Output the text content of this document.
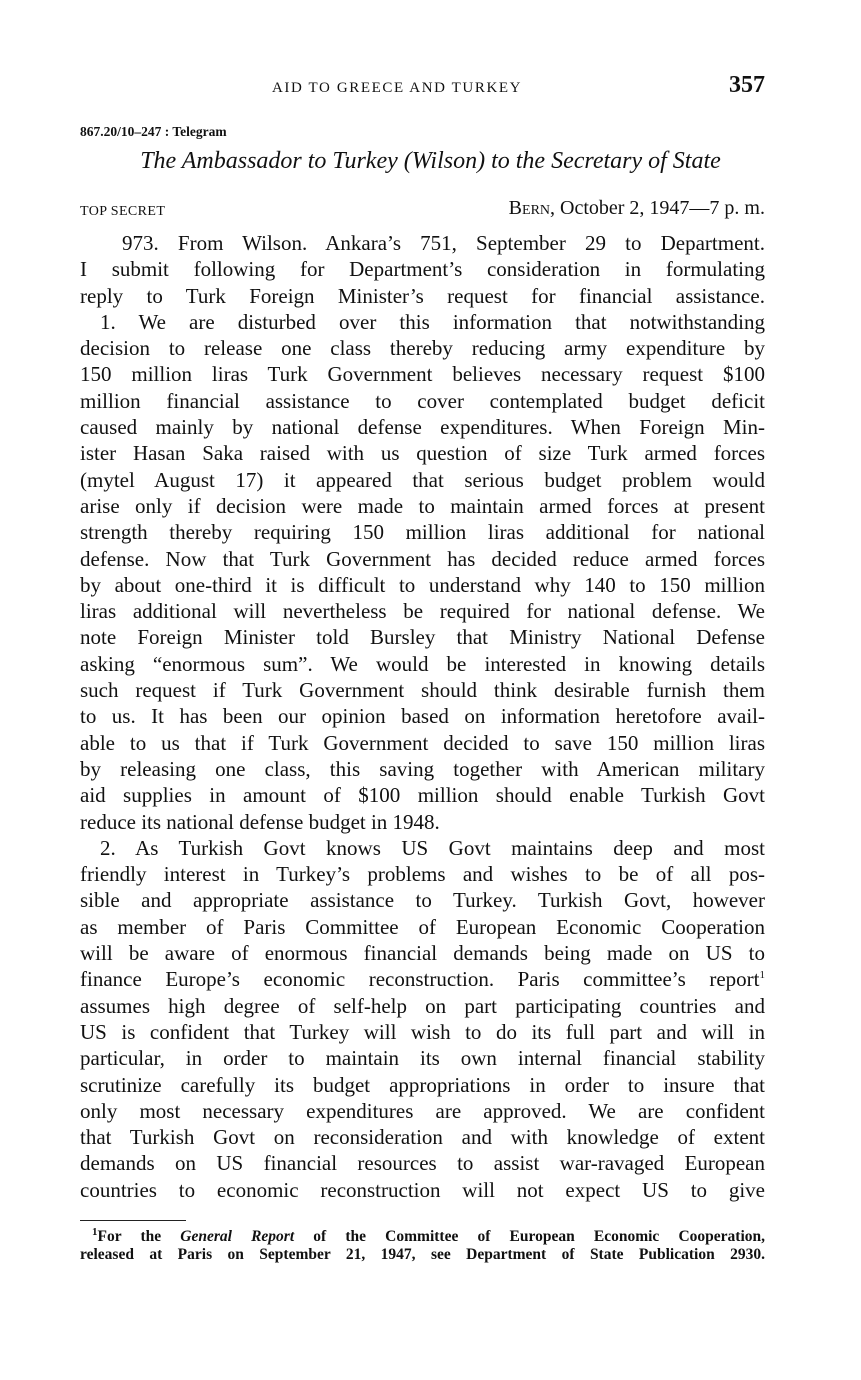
AID TO GREECE AND TURKEY	357
867.20/10–247 : Telegram
The Ambassador to Turkey (Wilson) to the Secretary of State
TOP SECRET	Bern, October 2, 1947—7 p. m.
973. From Wilson. Ankara’s 751, September 29 to Department.
I submit following for Department’s consideration in formulating
reply to Turk Foreign Minister’s request for financial assistance.
1. We are disturbed over this information that notwithstanding
decision to release one class thereby reducing army expenditure by
150 million liras Turk Government believes necessary request $100
million financial assistance to cover contemplated budget deficit
caused mainly by national defense expenditures. When Foreign Min-
ister Hasan Saka raised with us question of size Turk armed forces
(mytel August 17) it appeared that serious budget problem would
arise only if decision were made to maintain armed forces at present
strength thereby requiring 150 million liras additional for national
defense. Now that Turk Government has decided reduce armed forces
by about one-third it is difficult to understand why 140 to 150 million
liras additional will nevertheless be required for national defense. We
note Foreign Minister told Bursley that Ministry National Defense
asking “enormous sum”. We would be interested in knowing details
such request if Turk Government should think desirable furnish them
to us. It has been our opinion based on information heretofore avail-
able to us that if Turk Government decided to save 150 million liras
by releasing one class, this saving together with American military
aid supplies in amount of $100 million should enable Turkish Govt
reduce its national defense budget in 1948.
2. As Turkish Govt knows US Govt maintains deep and most
friendly interest in Turkey’s problems and wishes to be of all pos-
sible and appropriate assistance to Turkey. Turkish Govt, however
as member of Paris Committee of European Economic Cooperation
will be aware of enormous financial demands being made on US to
finance Europe’s economic reconstruction. Paris committee’s report$^1$
assumes high degree of self-help on part participating countries and
US is confident that Turkey will wish to do its full part and will in
particular, in order to maintain its own internal financial stability
scrutinize carefully its budget appropriations in order to insure that
only most necessary expenditures are approved. We are confident
that Turkish Govt on reconsideration and with knowledge of extent
demands on US financial resources to assist war-ravaged European
countries to economic reconstruction will not expect US to give
$^1$For the General Report of the Committee of European Economic Cooperation,
released at Paris on September 21, 1947, see Department of State Publication 2930.
